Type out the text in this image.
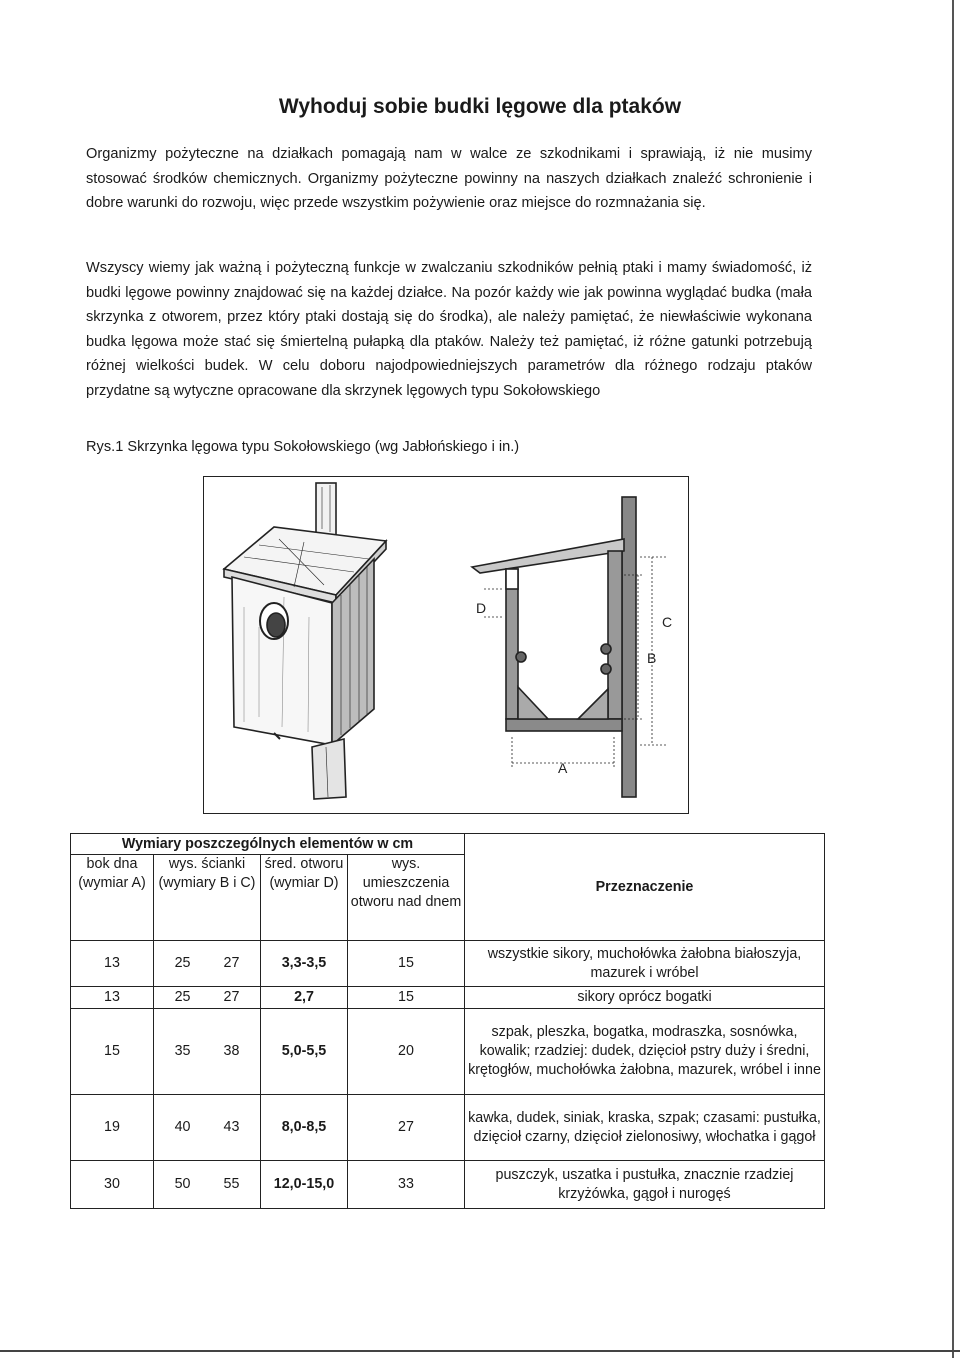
Wyhoduj sobie budki lęgowe dla ptaków

Organizmy pożyteczne na działkach pomagają nam w walce ze szkodnikami i sprawiają, iż nie musimy stosować środków chemicznych. Organizmy pożyteczne powinny na naszych działkach znaleźć schronienie i dobre warunki do rozwoju, więc przede wszystkim pożywienie oraz miejsce do rozmnażania się.

Wszyscy wiemy jak ważną i pożyteczną funkcje w zwalczaniu szkodników pełnią ptaki i mamy świadomość, iż budki lęgowe powinny znajdować się na każdej działce. Na pozór każdy wie jak powinna wyglądać budka (mała skrzynka z otworem, przez który ptaki dostają się do środka), ale należy pamiętać, że niewłaściwie wykonana budka lęgowa może stać się śmiertelną pułapką dla ptaków. Należy też pamiętać, iż różne gatunki potrzebują różnej wielkości budek. W celu doboru najodpowiedniejszych parametrów dla różnego rodzaju ptaków przydatne są wytyczne opracowane dla skrzynek lęgowych typu Sokołowskiego

Rys.1 Skrzynka lęgowa typu Sokołowskiego (wg Jabłońskiego i in.)

D
C
B
A
Wymiary poszczególnych elementów w cm				Przeznaczenie
bok dna (wymiar A)	wys. ścianki (wymiary B i C)	śred. otworu (wymiar D)	wys. umieszczenia otworu nad dnem	
13	25 27	3,3-3,5	15	wszystkie sikory, muchołówka żałobna białoszyja, mazurek i wróbel
13	25 27	2,7	15	sikory oprócz bogatki
15	35 38	5,0-5,5	20	szpak, pleszka, bogatka, modraszka, sosnówka, kowalik; rzadziej: dudek, dzięcioł pstry duży i średni, krętogłów, muchołówka żałobna, mazurek, wróbel i inne
19	40 43	8,0-8,5	27	kawka, dudek, siniak, kraska, szpak; czasami: pustułka, dzięcioł czarny, dzięcioł zielonosiwy, włochatka i gągoł
30	50 55	12,0-15,0	33	puszczyk, uszatka i pustułka, znacznie rzadziej krzyżówka, gągoł i nurogęś
